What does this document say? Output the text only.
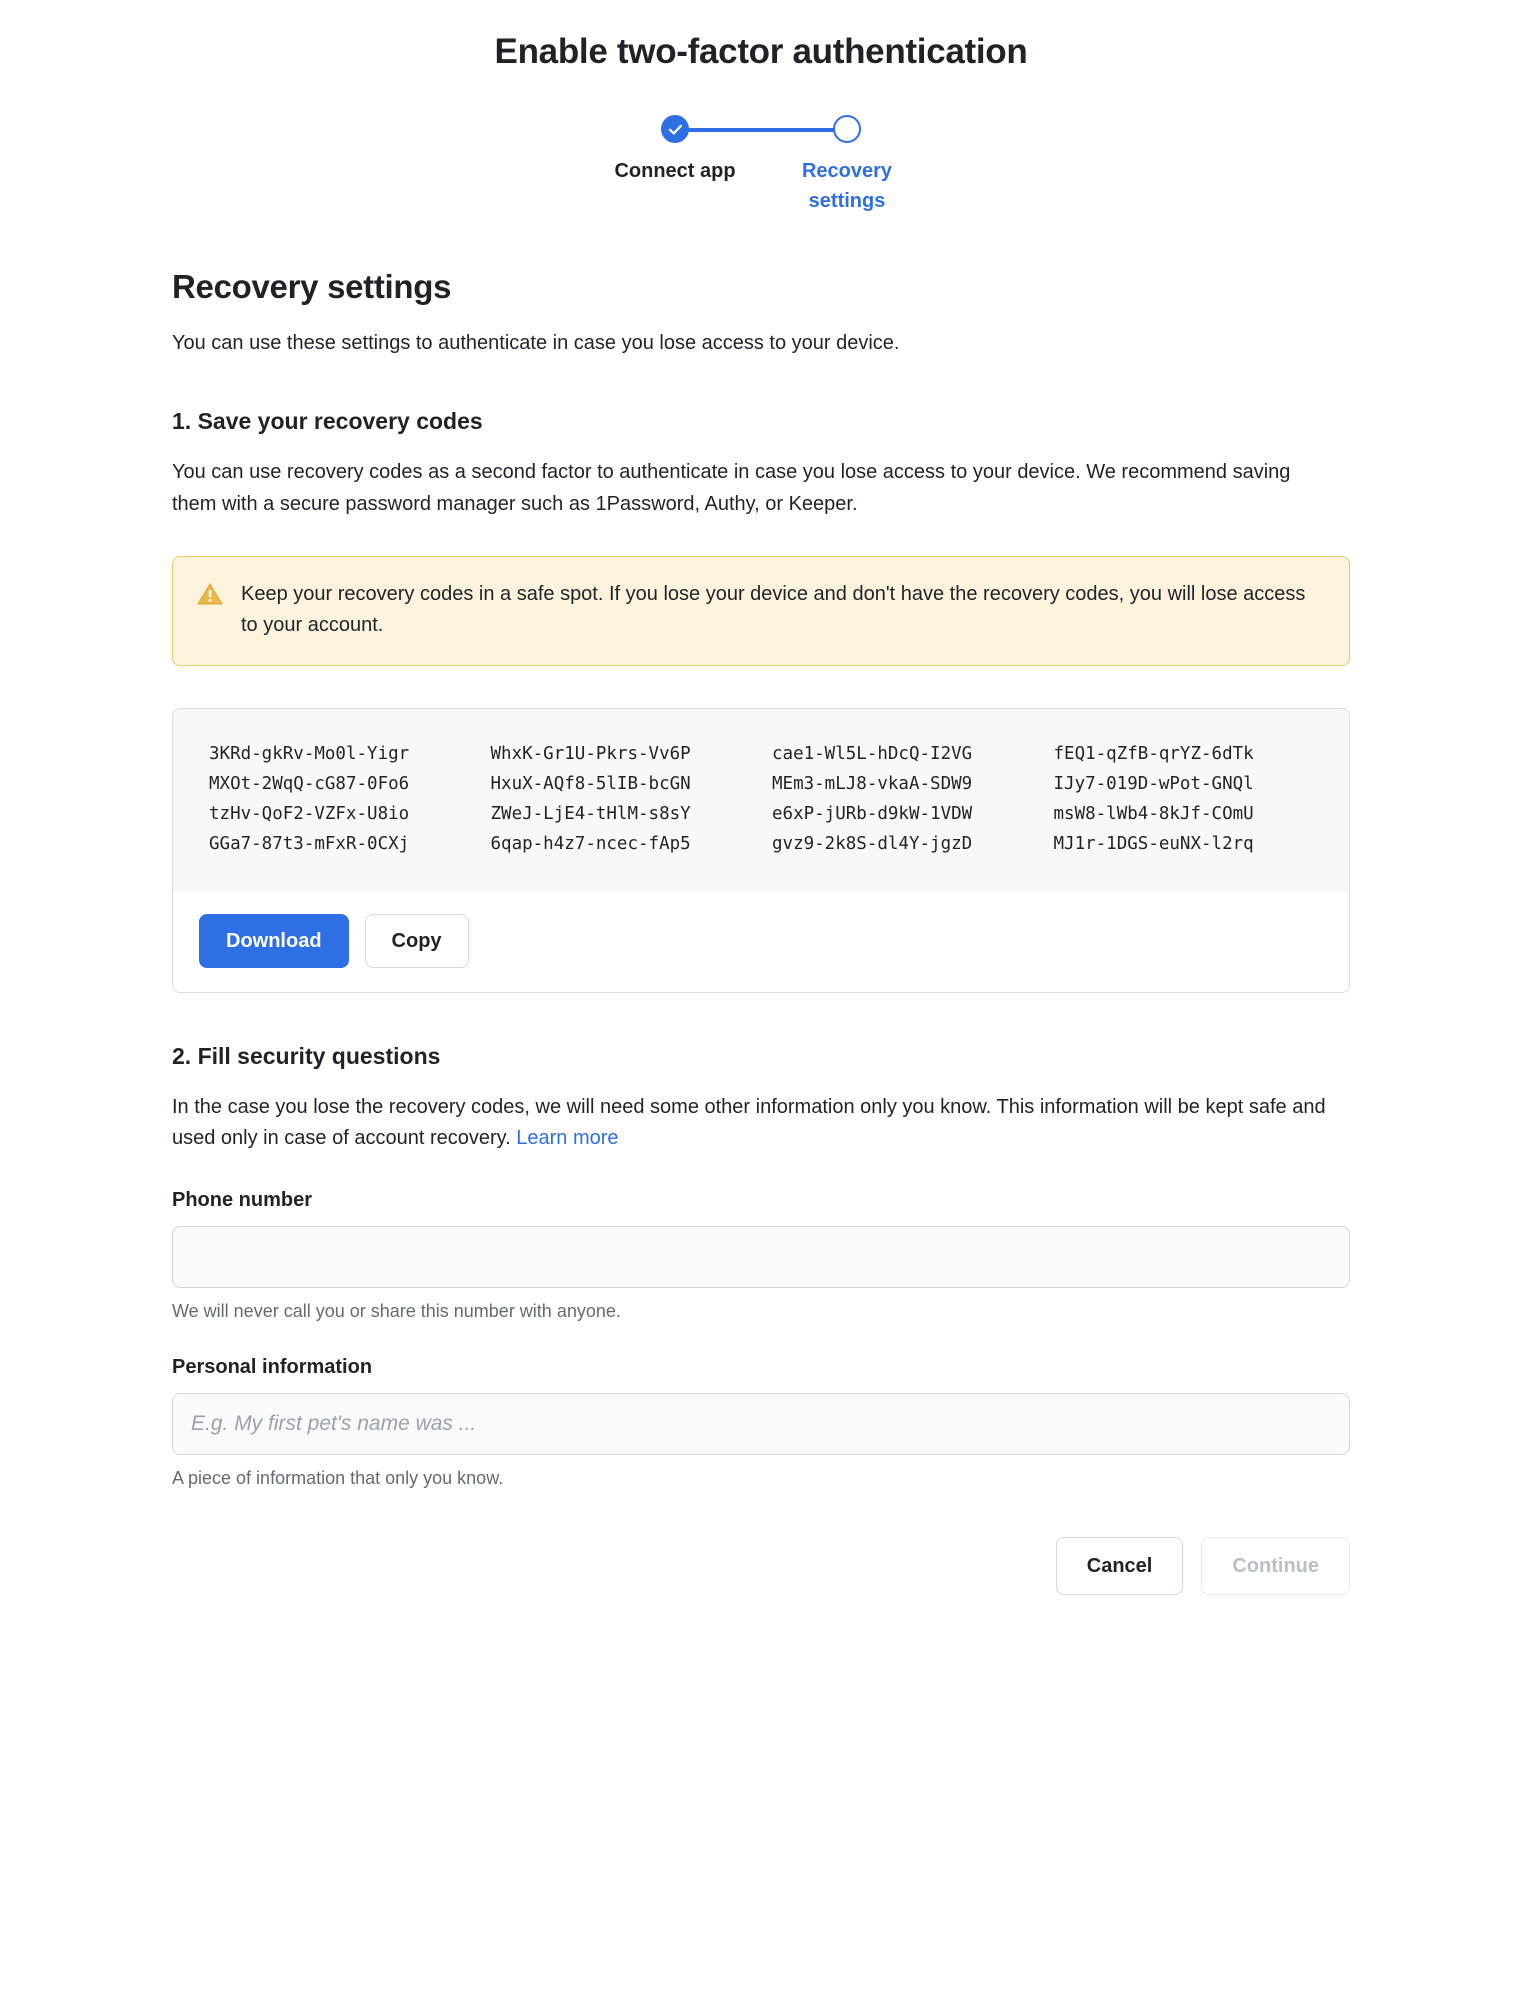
Enable two-factor authentication
Connect app	Recovery settings
Recovery settings

You can use these settings to authenticate in case you lose access to your device.

1. Save your recovery codes

You can use recovery codes as a second factor to authenticate in case you lose access to your device. We recommend saving them with a secure password manager such as 1Password, Authy, or Keeper.

Keep your recovery codes in a safe spot. If you lose your device and don't have the recovery codes, you will lose access to your account.
3KRd-gkRv-Mo0l-Yigr	WhxK-Gr1U-Pkrs-Vv6P	cae1-Wl5L-hDcQ-I2VG	fEQ1-qZfB-qrYZ-6dTk
MXOt-2WqQ-cG87-0Fo6	HxuX-AQf8-5lIB-bcGN	MEm3-mLJ8-vkaA-SDW9	IJy7-019D-wPot-GNQl
tzHv-QoF2-VZFx-U8io	ZWeJ-LjE4-tHlM-s8sY	e6xP-jURb-d9kW-1VDW	msW8-lWb4-8kJf-COmU
GGa7-87t3-mFxR-0CXj	6qap-h4z7-ncec-fAp5	gvz9-2k8S-dl4Y-jgzD	MJ1r-1DGS-euNX-l2rq
Download	Copy
2. Fill security questions

In the case you lose the recovery codes, we will need some other information only you know. This information will be kept safe and used only in case of account recovery. Learn more

Phone number
We will never call you or share this number with anyone.
Personal information
E.g. My first pet's name was ...
A piece of information that only you know.
Cancel	Continue
